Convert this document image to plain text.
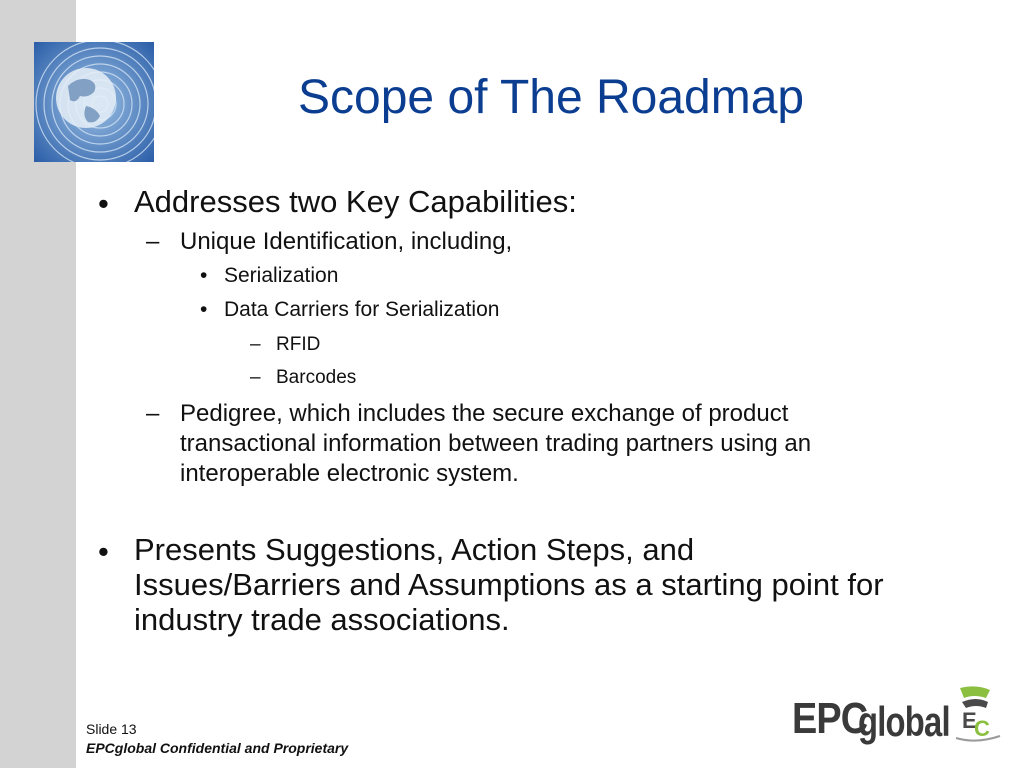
Scope of The Roadmap
• Addresses two Key Capabilities:
– Unique Identification, including,
• Serialization
• Data Carriers for Serialization
– RFID
– Barcodes
– Pedigree, which includes the secure exchange of product
transactional information between trading partners using an
interoperable electronic system.
• Presents Suggestions, Action Steps, and
Issues/Barriers and Assumptions as a starting point for
industry trade associations.
Slide 13
EPCglobal Confidential and Proprietary
EPC
global E
C
